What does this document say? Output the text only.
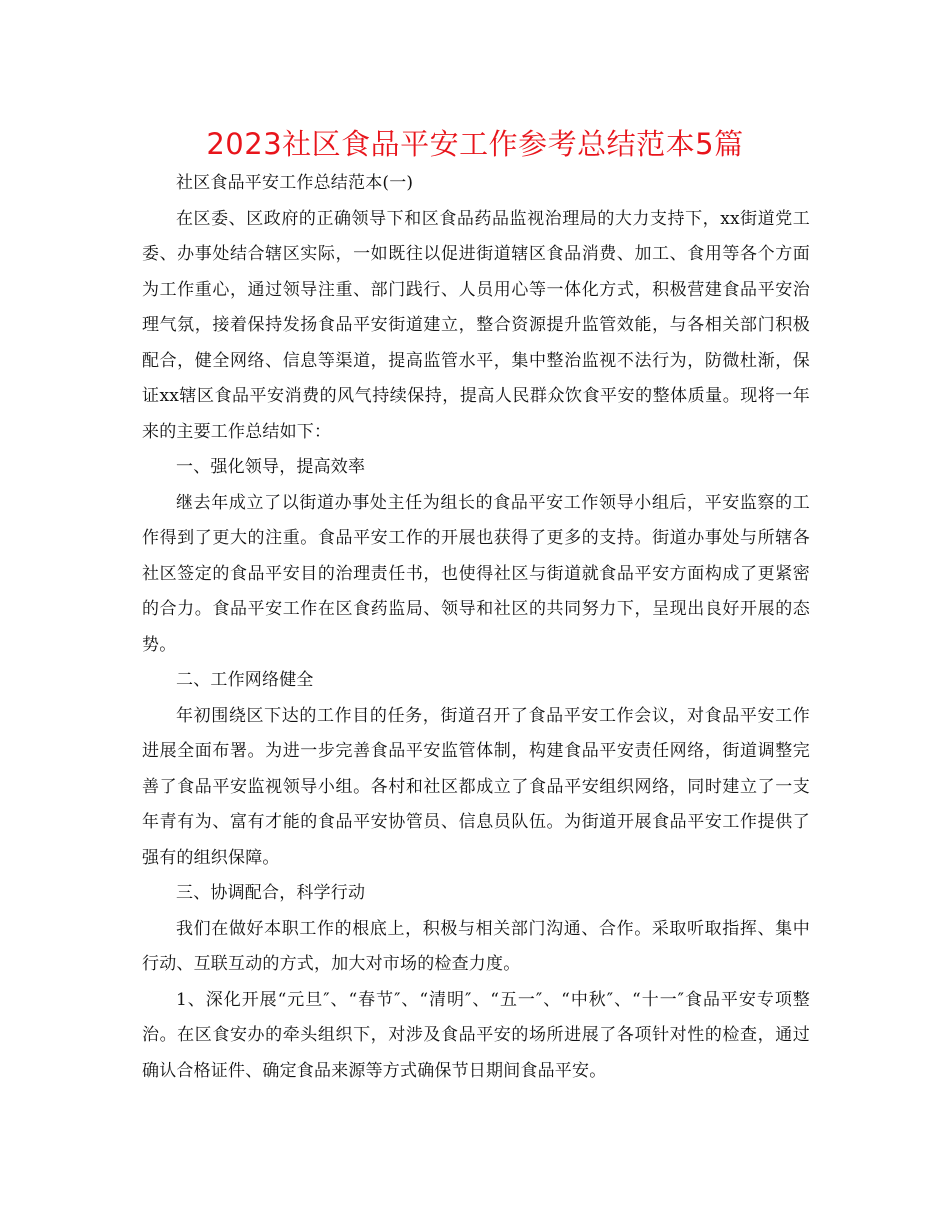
2023社区食品平安工作参考总结范本5篇

社区食品平安工作总结范本(一)

在区委、区政府的正确领导下和区食品药品监视治理局的大力支持下，xx街道党工委、办事处结合辖区实际，一如既往以促进街道辖区食品消费、加工、食用等各个方面为工作重心，通过领导注重、部门践行、人员用心等一体化方式，积极营建食品平安治理气氛，接着保持发扬食品平安街道建立，整合资源提升监管效能，与各相关部门积极配合，健全网络、信息等渠道，提高监管水平，集中整治监视不法行为，防微杜渐，保证xx辖区食品平安消费的风气持续保持，提高人民群众饮食平安的整体质量。现将一年来的主要工作总结如下：

一、强化领导，提高效率

继去年成立了以街道办事处主任为组长的食品平安工作领导小组后，平安监察的工作得到了更大的注重。食品平安工作的开展也获得了更多的支持。街道办事处与所辖各社区签定的食品平安目的治理责任书，也使得社区与街道就食品平安方面构成了更紧密的合力。食品平安工作在区食药监局、领导和社区的共同努力下，呈现出良好开展的态势。

二、工作网络健全

年初围绕区下达的工作目的任务，街道召开了食品平安工作会议，对食品平安工作进展全面布署。为进一步完善食品平安监管体制，构建食品平安责任网络，街道调整完善了食品平安监视领导小组。各村和社区都成立了食品平安组织网络，同时建立了一支年青有为、富有才能的食品平安协管员、信息员队伍。为街道开展食品平安工作提供了强有的组织保障。

三、协调配合，科学行动

我们在做好本职工作的根底上，积极与相关部门沟通、合作。采取听取指挥、集中行动、互联互动的方式，加大对市场的检查力度。

1、深化开展“元旦″、“春节″、“清明″、“五一″、“中秋″、“十一″食品平安专项整治。在区食安办的牵头组织下，对涉及食品平安的场所进展了各项针对性的检查，通过确认合格证件、确定食品来源等方式确保节日期间食品平安。
